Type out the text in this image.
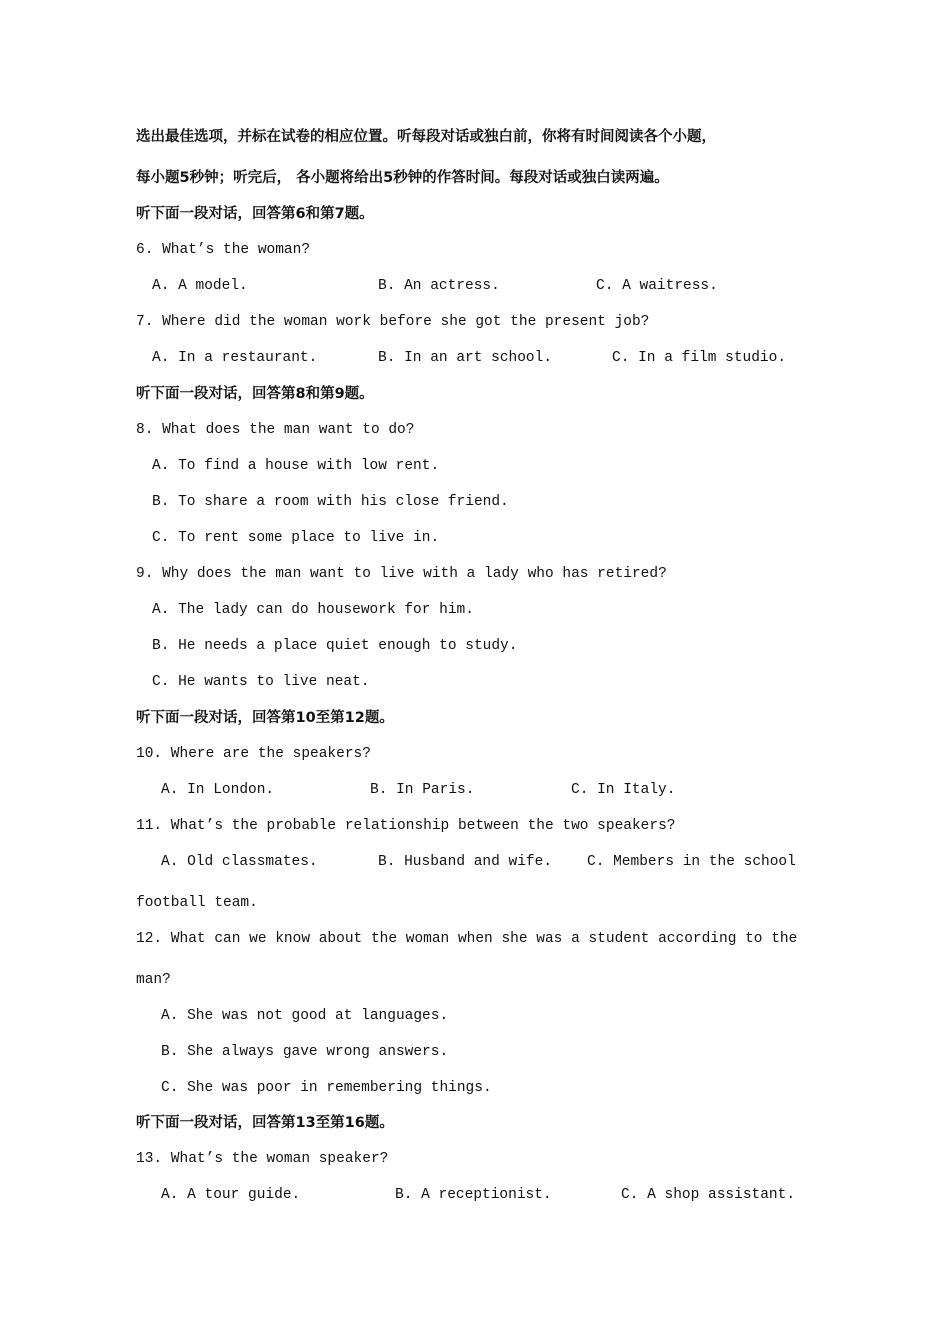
选出最佳选项，并标在试卷的相应位置。听每段对话或独白前，你将有时间阅读各个小题，
每小题5秒钟；听完后， 各小题将给出5秒钟的作答时间。每段对话或独白读两遍。
听下面一段对话，回答第6和第7题。
6. What’s the woman?
A. A model.	B. An actress.	C. A waitress.
7. Where did the woman work before she got the present job?
A. In a restaurant.	B. In an art school.	C. In a film studio.
听下面一段对话，回答第8和第9题。
8. What does the man want to do?
A. To find a house with low rent.
B. To share a room with his close friend.
C. To rent some place to live in.
9. Why does the man want to live with a lady who has retired?
A. The lady can do housework for him.
B. He needs a place quiet enough to study.
C. He wants to live neat.
听下面一段对话，回答第10至第12题。
10. Where are the speakers?
A. In London.	B. In Paris.	C. In Italy.
11. What’s the probable relationship between the two speakers?
A. Old classmates.	B. Husband and wife. C. Members in the school
football team.
12. What can we know about the woman when she was a student according to the
man?
A. She was not good at languages.
B. She always gave wrong answers.
C. She was poor in remembering things.
听下面一段对话，回答第13至第16题。
13. What’s the woman speaker?
A. A tour guide.	B. A receptionist.	C. A shop assistant.
